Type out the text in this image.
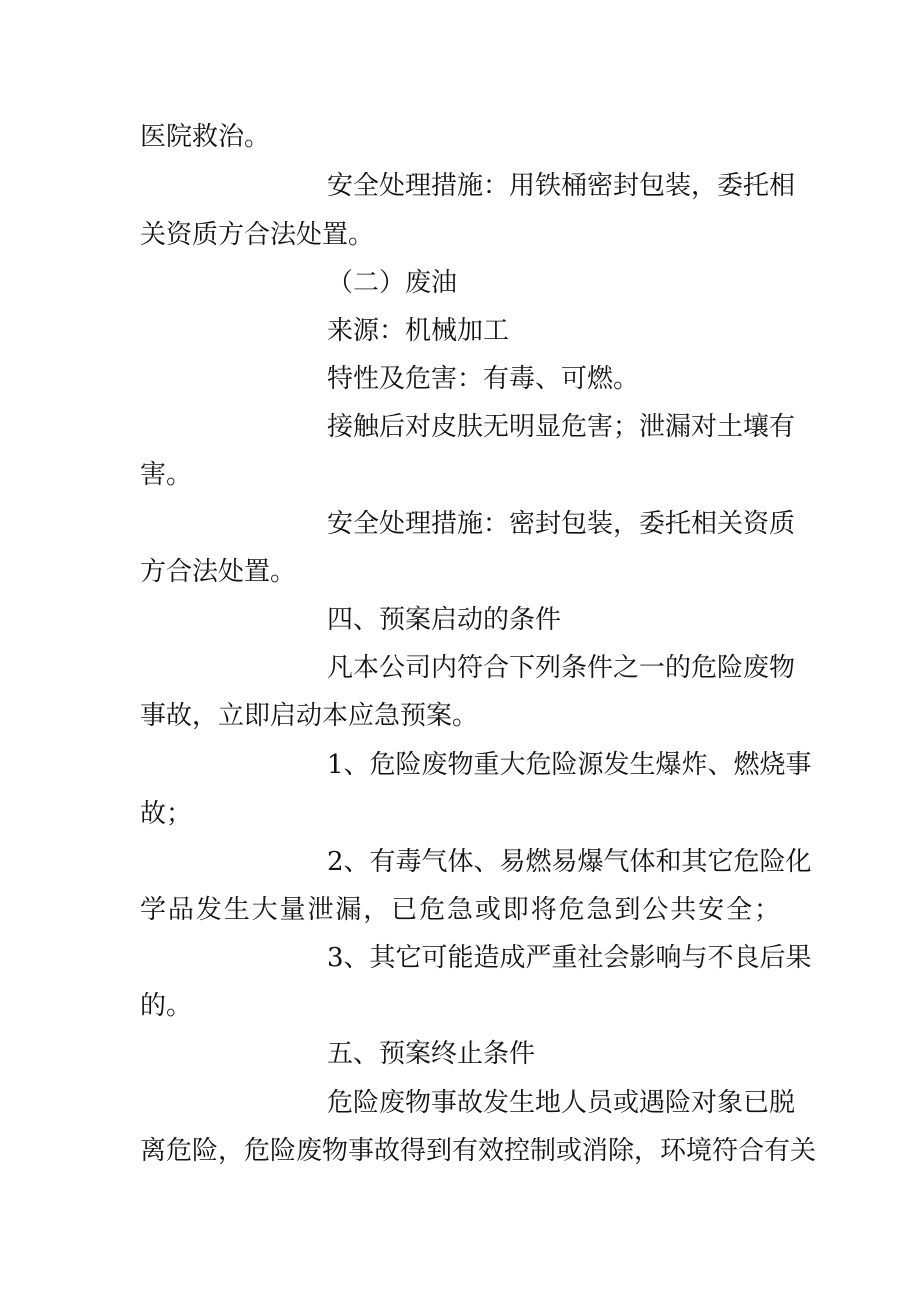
医院救治。
安全处理措施：用铁桶密封包装，委托相
关资质方合法处置。
（二）废油
来源：机械加工
特性及危害：有毒、可燃。
接触后对皮肤无明显危害；泄漏对土壤有
害。
安全处理措施：密封包装，委托相关资质
方合法处置。
四、预案启动的条件
凡本公司内符合下列条件之一的危险废物
事故，立即启动本应急预案。
1、危险废物重大危险源发生爆炸、燃烧事
故；
2、有毒气体、易燃易爆气体和其它危险化
学品发生大量泄漏，已危急或即将危急到公共安全；
3、其它可能造成严重社会影响与不良后果
的。
五、预案终止条件
危险废物事故发生地人员或遇险对象已脱
离危险，危险废物事故得到有效控制或消除，环境符合有关
